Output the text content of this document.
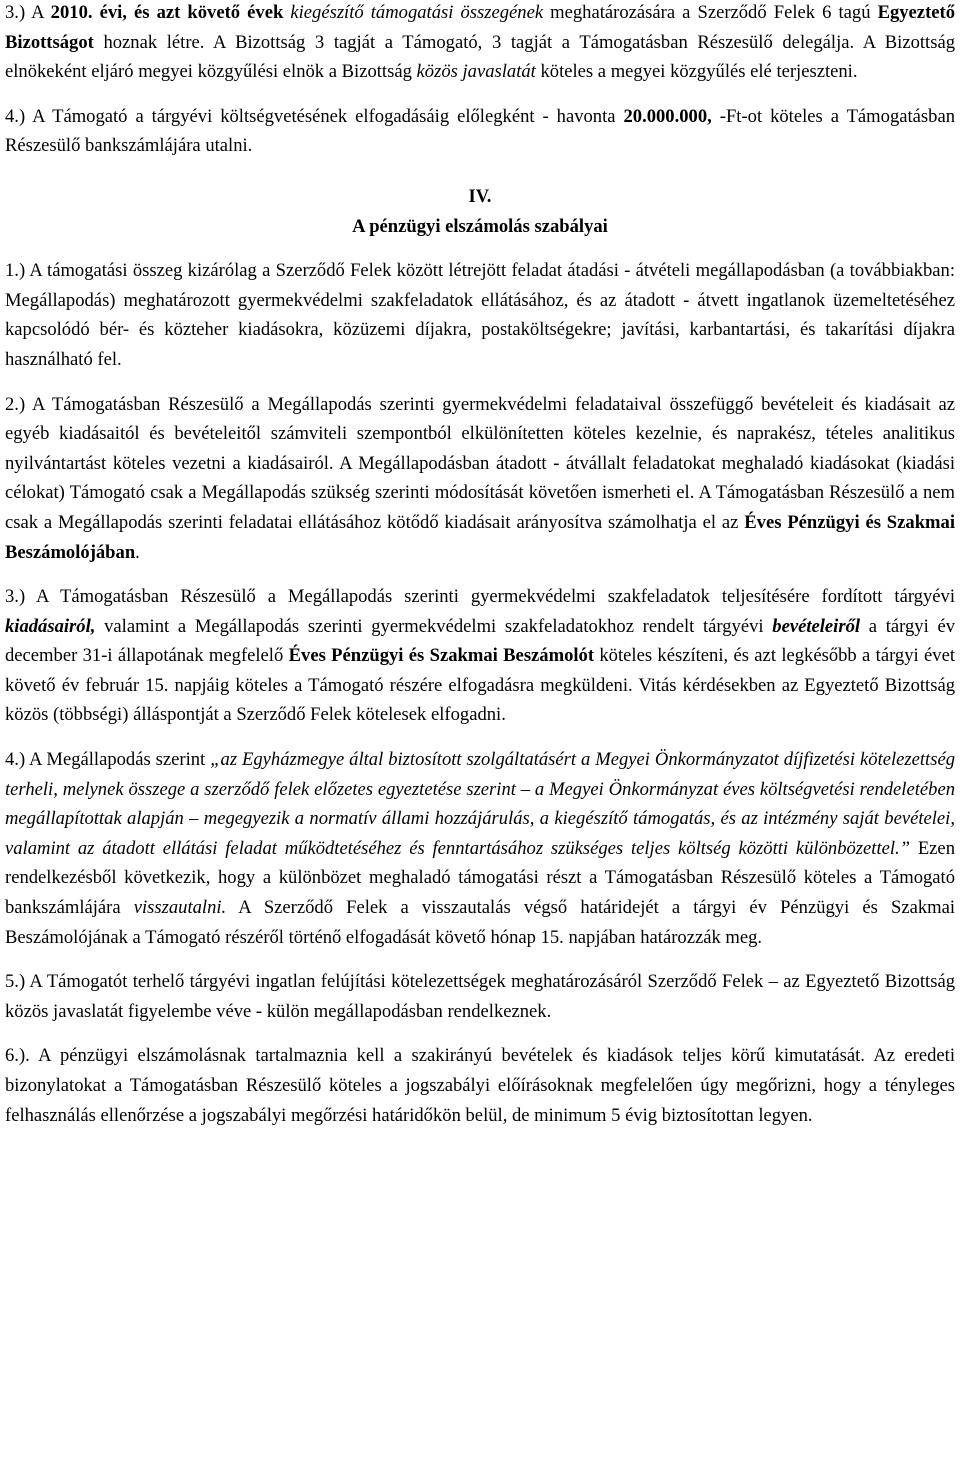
3.) A 2010. évi, és azt követő évek kiegészítő támogatási összegének meghatározására a Szerződő Felek 6 tagú Egyeztető Bizottságot hoznak létre. A Bizottság 3 tagját a Támogató, 3 tagját a Támogatásban Részesülő delegálja. A Bizottság elnökeként eljáró megyei közgyűlési elnök a Bizottság közös javaslatát köteles a megyei közgyűlés elé terjeszteni.

4.) A Támogató a tárgyévi költségvetésének elfogadásáig előlegként - havonta 20.000.000, -Ft-ot köteles a Támogatásban Részesülő bankszámlájára utalni.

IV.

A pénzügyi elszámolás szabályai

1.) A támogatási összeg kizárólag a Szerződő Felek között létrejött feladat átadási - átvételi megállapodásban (a továbbiakban: Megállapodás) meghatározott gyermekvédelmi szakfeladatok ellátásához, és az átadott - átvett ingatlanok üzemeltetéséhez kapcsolódó bér- és közteher kiadásokra, közüzemi díjakra, postaköltségekre; javítási, karbantartási, és takarítási díjakra használható fel.

2.) A Támogatásban Részesülő a Megállapodás szerinti gyermekvédelmi feladataival összefüggő bevételeit és kiadásait az egyéb kiadásaitól és bevételeitől számviteli szempontból elkülönítetten köteles kezelnie, és naprakész, tételes analitikus nyilvántartást köteles vezetni a kiadásairól. A Megállapodásban átadott - átvállalt feladatokat meghaladó kiadásokat (kiadási célokat) Támogató csak a Megállapodás szükség szerinti módosítását követően ismerheti el. A Támogatásban Részesülő a nem csak a Megállapodás szerinti feladatai ellátásához kötődő kiadásait arányosítva számolhatja el az Éves Pénzügyi és Szakmai Beszámolójában.

3.) A Támogatásban Részesülő a Megállapodás szerinti gyermekvédelmi szakfeladatok teljesítésére fordított tárgyévi kiadásairól, valamint a Megállapodás szerinti gyermekvédelmi szakfeladatokhoz rendelt tárgyévi bevételeiről a tárgyi év december 31-i állapotának megfelelő Éves Pénzügyi és Szakmai Beszámolót köteles készíteni, és azt legkésőbb a tárgyi évet követő év február 15. napjáig köteles a Támogató részére elfogadásra megküldeni. Vitás kérdésekben az Egyeztető Bizottság közös (többségi) álláspontját a Szerződő Felek kötelesek elfogadni.

4.) A Megállapodás szerint „az Egyházmegye által biztosított szolgáltatásért a Megyei Önkormányzatot díjfizetési kötelezettség terheli, melynek összege a szerződő felek előzetes egyeztetése szerint – a Megyei Önkormányzat éves költségvetési rendeletében megállapítottak alapján – megegyezik a normatív állami hozzájárulás, a kiegészítő támogatás, és az intézmény saját bevételei, valamint az átadott ellátási feladat működtetéséhez és fenntartásához szükséges teljes költség közötti különbözettel.” Ezen rendelkezésből következik, hogy a különbözet meghaladó támogatási részt a Támogatásban Részesülő köteles a Támogató bankszámlájára visszautalni. A Szerződő Felek a visszautalás végső határidejét a tárgyi év Pénzügyi és Szakmai Beszámolójának a Támogató részéről történő elfogadását követő hónap 15. napjában határozzák meg.

5.) A Támogatót terhelő tárgyévi ingatlan felújítási kötelezettségek meghatározásáról Szerződő Felek – az Egyeztető Bizottság közös javaslatát figyelembe véve - külön megállapodásban rendelkeznek.

6.). A pénzügyi elszámolásnak tartalmaznia kell a szakirányú bevételek és kiadások teljes körű kimutatását. Az eredeti bizonylatokat a Támogatásban Részesülő köteles a jogszabályi előírásoknak megfelelően úgy megőrizni, hogy a tényleges felhasználás ellenőrzése a jogszabályi megőrzési határidőkön belül, de minimum 5 évig biztosítottan legyen.
